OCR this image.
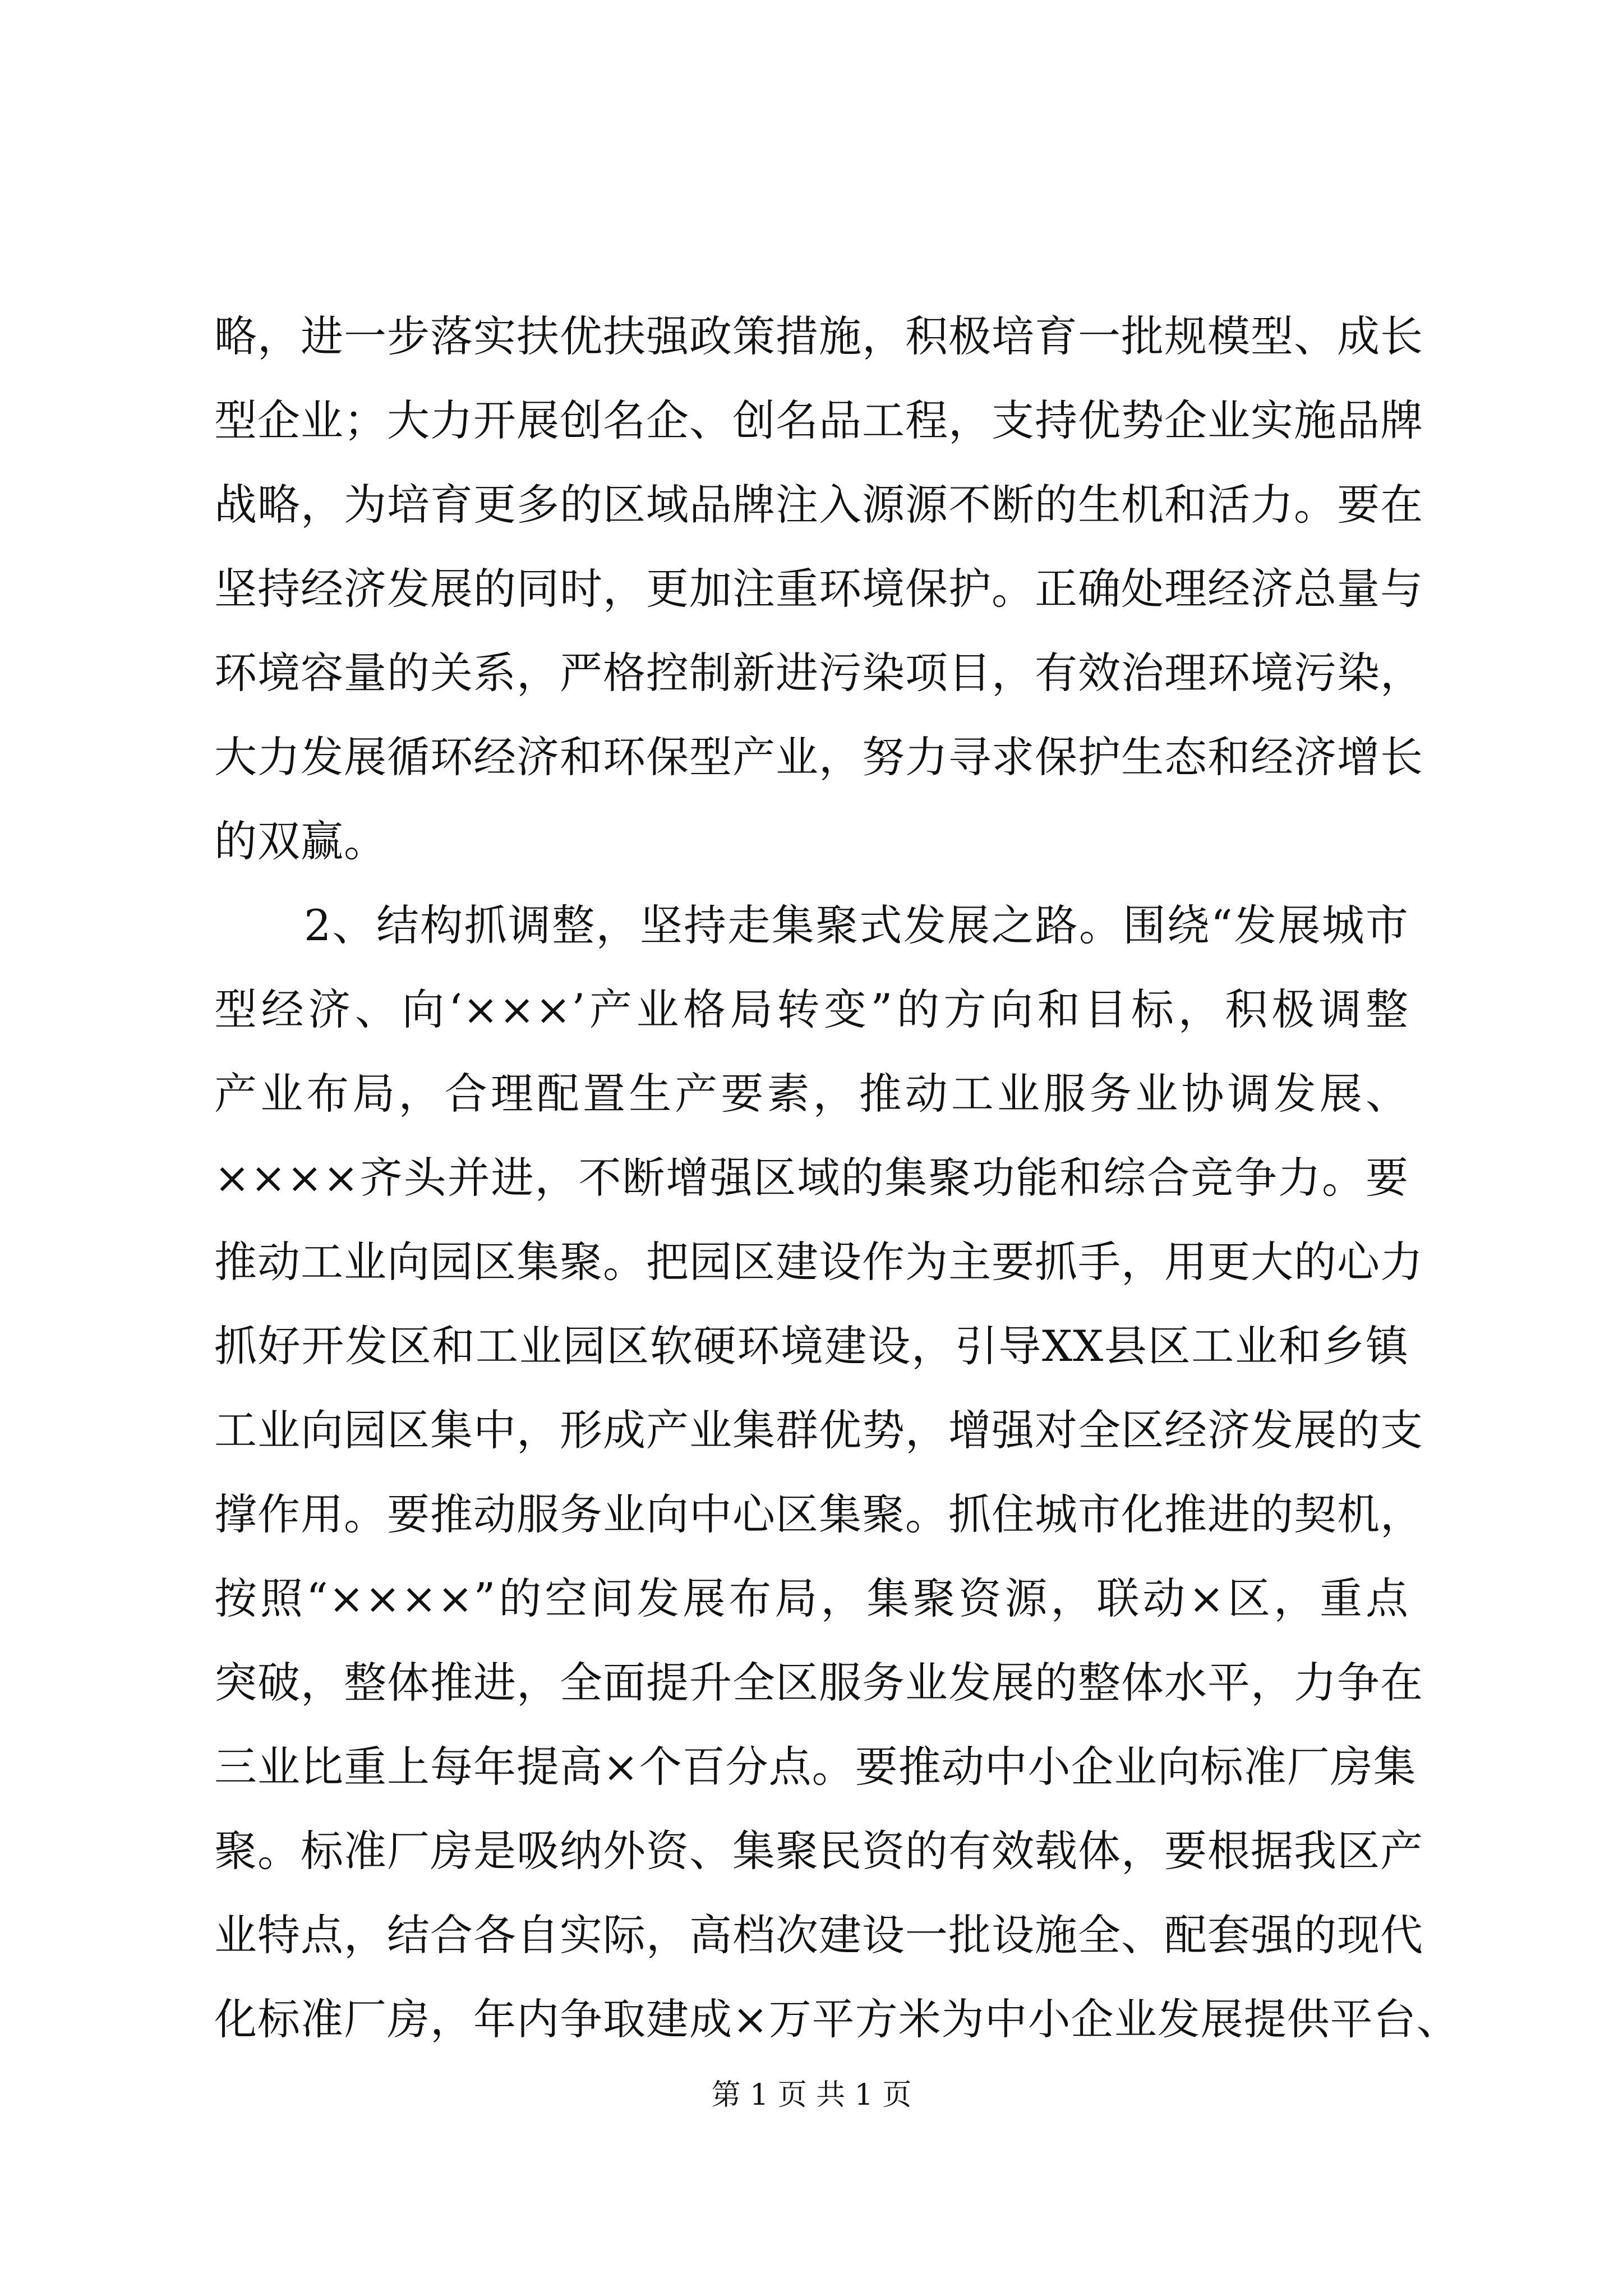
略，进一步落实扶优扶强政策措施，积极培育一批规模型、成长
型企业；大力开展创名企、创名品工程，支持优势企业实施品牌
战略，为培育更多的区域品牌注入源源不断的生机和活力。要在
坚持经济发展的同时，更加注重环境保护。正确处理经济总量与
环境容量的关系，严格控制新进污染项目，有效治理环境污染，
大力发展循环经济和环保型产业，努力寻求保护生态和经济增长
的双赢。
2、结构抓调整，坚持走集聚式发展之路。围绕“发展城市
型经济、向‘×××’产业格局转变”的方向和目标，积极调整
产业布局，合理配置生产要素，推动工业服务业协调发展、
××××齐头并进，不断增强区域的集聚功能和综合竞争力。要
推动工业向园区集聚。把园区建设作为主要抓手，用更大的心力
抓好开发区和工业园区软硬环境建设，引导XX县区工业和乡镇
工业向园区集中，形成产业集群优势，增强对全区经济发展的支
撑作用。要推动服务业向中心区集聚。抓住城市化推进的契机，
按照“××××”的空间发展布局，集聚资源，联动×区，重点
突破，整体推进，全面提升全区服务业发展的整体水平，力争在
三业比重上每年提高×个百分点。要推动中小企业向标准厂房集
聚。标准厂房是吸纳外资、集聚民资的有效载体，要根据我区产
业特点，结合各自实际，高档次建设一批设施全、配套强的现代
化标准厂房，年内争取建成×万平方米为中小企业发展提供平台、
第 1 页 共 1 页
